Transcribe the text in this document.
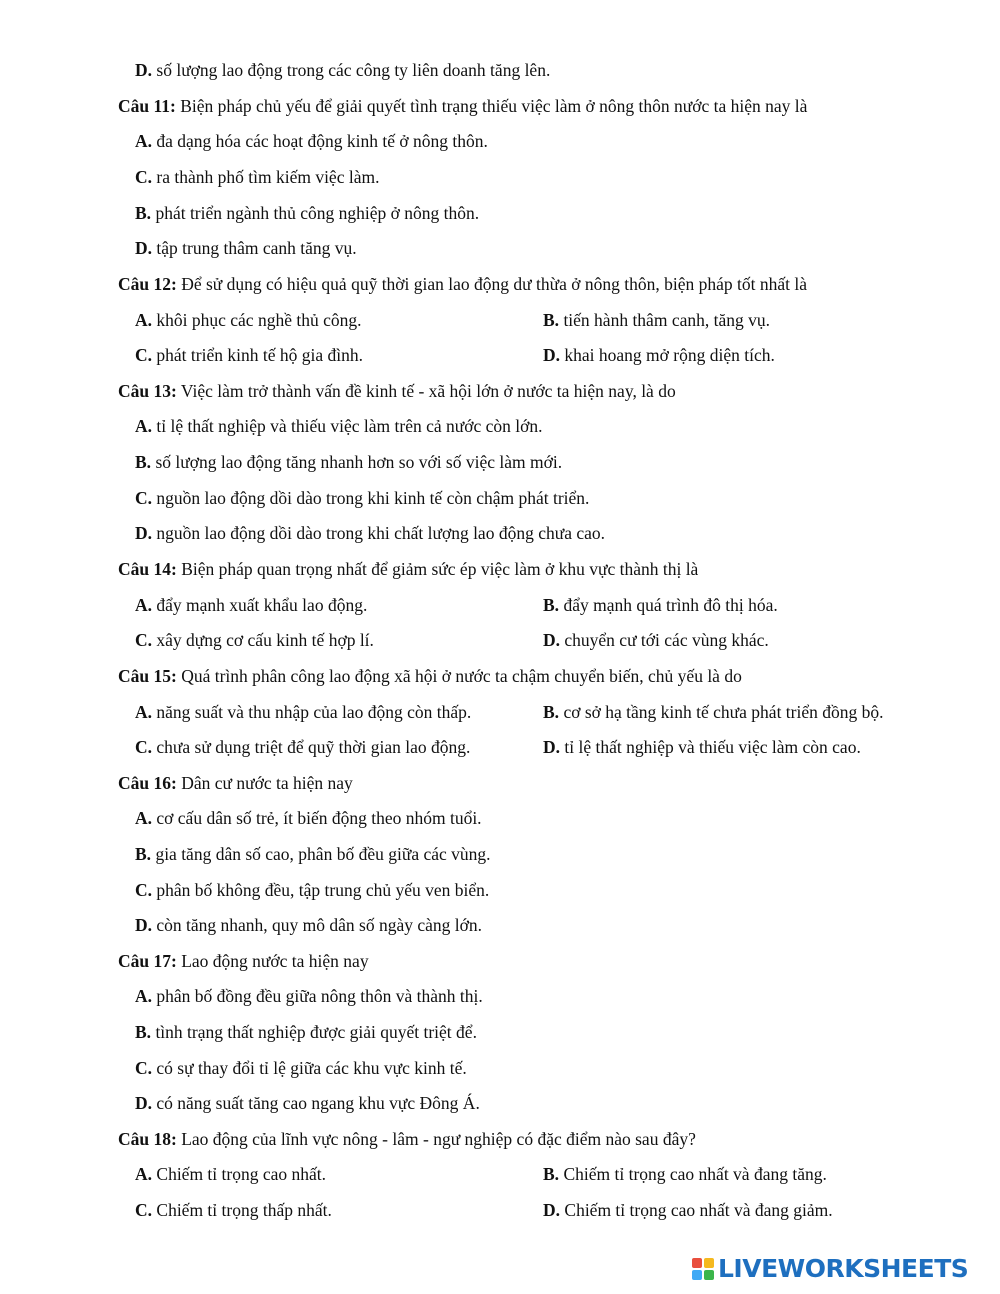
D. số lượng lao động trong các công ty liên doanh tăng lên.
Câu 11: Biện pháp chủ yếu để giải quyết tình trạng thiếu việc làm ở nông thôn nước ta hiện nay là
A. đa dạng hóa các hoạt động kinh tế ở nông thôn.
C. ra thành phố tìm kiếm việc làm.
B. phát triển ngành thủ công nghiệp ở nông thôn.
D. tập trung thâm canh tăng vụ.
Câu 12: Để sử dụng có hiệu quả quỹ thời gian lao động dư thừa ở nông thôn, biện pháp tốt nhất là
A. khôi phục các nghề thủ công.	B. tiến hành thâm canh, tăng vụ.
C. phát triển kinh tế hộ gia đình.	D. khai hoang mở rộng diện tích.
Câu 13: Việc làm trở thành vấn đề kinh tế - xã hội lớn ở nước ta hiện nay, là do
A. tỉ lệ thất nghiệp và thiếu việc làm trên cả nước còn lớn.
B. số lượng lao động tăng nhanh hơn so với số việc làm mới.
C. nguồn lao động dồi dào trong khi kinh tế còn chậm phát triển.
D. nguồn lao động dồi dào trong khi chất lượng lao động chưa cao.
Câu 14: Biện pháp quan trọng nhất để giảm sức ép việc làm ở khu vực thành thị là
A. đẩy mạnh xuất khẩu lao động.	B. đẩy mạnh quá trình đô thị hóa.
C. xây dựng cơ cấu kinh tế hợp lí.	D. chuyển cư tới các vùng khác.
Câu 15: Quá trình phân công lao động xã hội ở nước ta chậm chuyển biến, chủ yếu là do
A. năng suất và thu nhập của lao động còn thấp.	B. cơ sở hạ tầng kinh tế chưa phát triển đồng bộ.
C. chưa sử dụng triệt để quỹ thời gian lao động.	D. tỉ lệ thất nghiệp và thiếu việc làm còn cao.
Câu 16: Dân cư nước ta hiện nay
A. cơ cấu dân số trẻ, ít biến động theo nhóm tuổi.
B. gia tăng dân số cao, phân bố đều giữa các vùng.
C. phân bố không đều, tập trung chủ yếu ven biển.
D. còn tăng nhanh, quy mô dân số ngày càng lớn.
Câu 17: Lao động nước ta hiện nay
A. phân bố đồng đều giữa nông thôn và thành thị.
B. tình trạng thất nghiệp được giải quyết triệt để.
C. có sự thay đổi tỉ lệ giữa các khu vực kinh tế.
D. có năng suất tăng cao ngang khu vực Đông Á.
Câu 18: Lao động của lĩnh vực nông - lâm - ngư nghiệp có đặc điểm nào sau đây?
A. Chiếm tỉ trọng cao nhất.	B. Chiếm tỉ trọng cao nhất và đang tăng.
C. Chiếm tỉ trọng thấp nhất.	D. Chiếm tỉ trọng cao nhất và đang giảm.
LIVEWORKSHEETS
